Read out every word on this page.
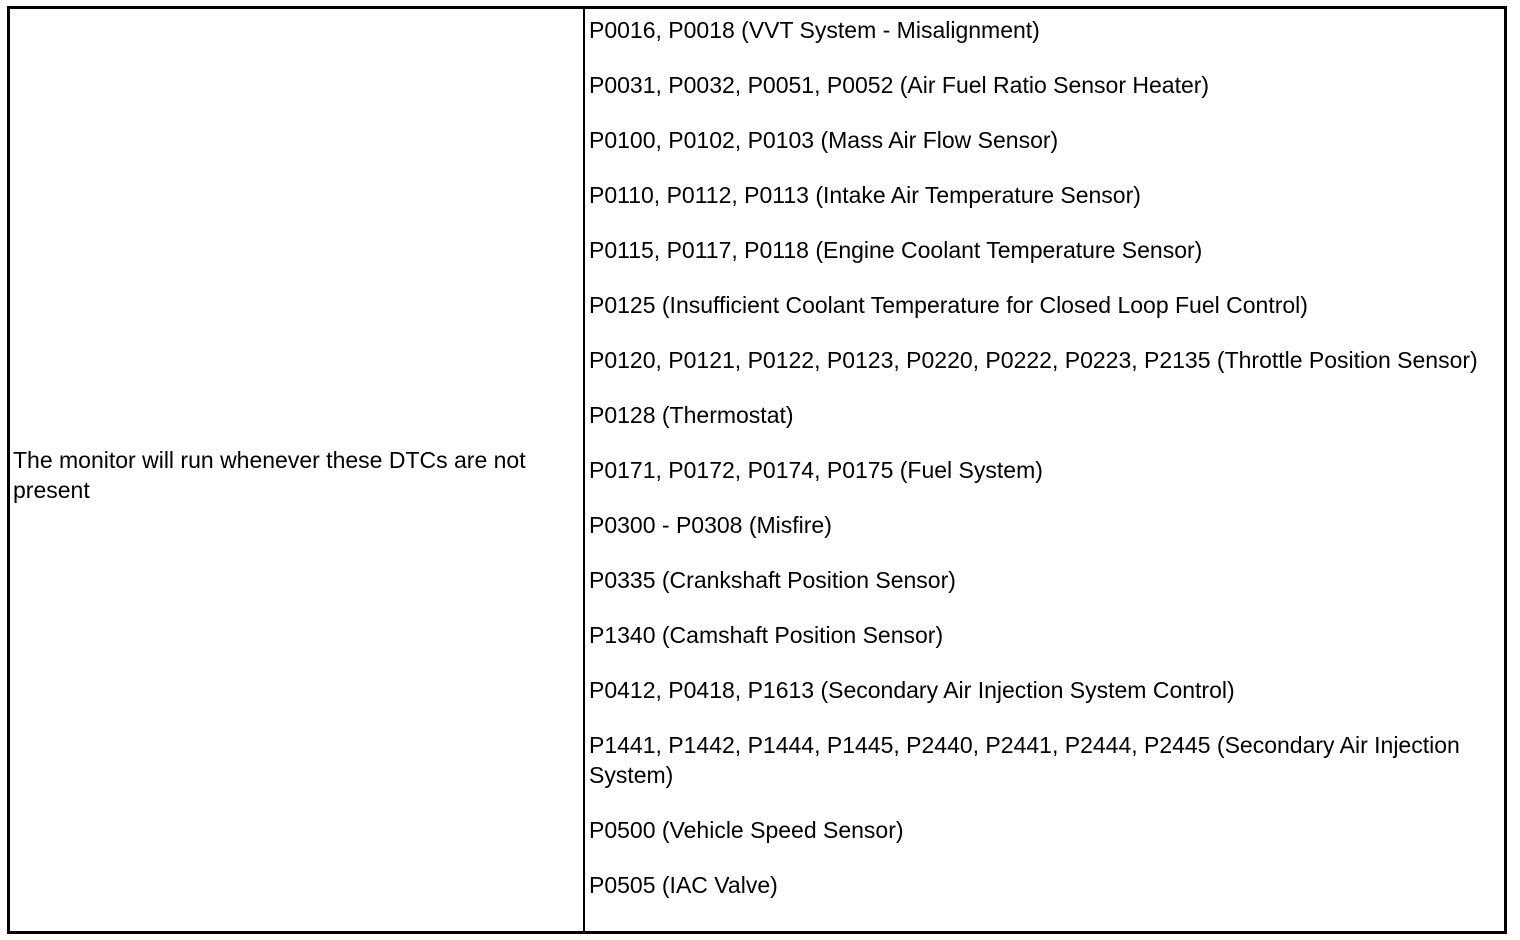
The monitor will run whenever these DTCs are not present
P0016, P0018 (VVT System - Misalignment)
P0031, P0032, P0051, P0052 (Air Fuel Ratio Sensor Heater)
P0100, P0102, P0103 (Mass Air Flow Sensor)
P0110, P0112, P0113 (Intake Air Temperature Sensor)
P0115, P0117, P0118 (Engine Coolant Temperature Sensor)
P0125 (Insufficient Coolant Temperature for Closed Loop Fuel Control)
P0120, P0121, P0122, P0123, P0220, P0222, P0223, P2135 (Throttle Position Sensor)
P0128 (Thermostat)
P0171, P0172, P0174, P0175 (Fuel System)
P0300 - P0308 (Misfire)
P0335 (Crankshaft Position Sensor)
P1340 (Camshaft Position Sensor)
P0412, P0418, P1613 (Secondary Air Injection System Control)
P1441, P1442, P1444, P1445, P2440, P2441, P2444, P2445 (Secondary Air Injection System)
P0500 (Vehicle Speed Sensor)
P0505 (IAC Valve)
